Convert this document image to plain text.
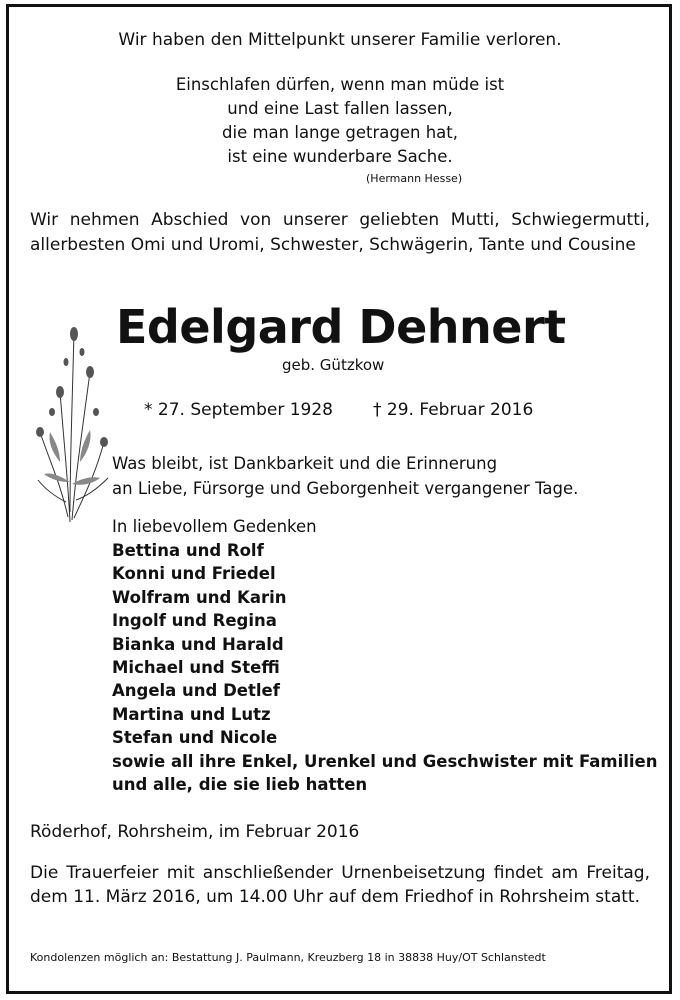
Wir haben den Mittelpunkt unserer Familie verloren.
Einschlafen dürfen, wenn man müde ist
und eine Last fallen lassen,
die man lange getragen hat,
ist eine wunderbare Sache.
(Hermann Hesse)
Wir nehmen Abschied von unserer geliebten Mutti, Schwiegermutti, allerbesten Omi und Uromi, Schwester, Schwägerin, Tante und Cousine
Edelgard Dehnert
geb. Gützkow
* 27. September 1928 † 29. Februar 2016
Was bleibt, ist Dankbarkeit und die Erinnerung
an Liebe, Fürsorge und Geborgenheit vergangener Tage.
In liebevollem Gedenken
Bettina und Rolf
Konni und Friedel
Wolfram und Karin
Ingolf und Regina
Bianka und Harald
Michael und Steffi
Angela und Detlef
Martina und Lutz
Stefan und Nicole
sowie all ihre Enkel, Urenkel und Geschwister mit Familien
und alle, die sie lieb hatten
Röderhof, Rohrsheim, im Februar 2016
Die Trauerfeier mit anschließender Urnenbeisetzung findet am Freitag, dem 11. März 2016, um 14.00 Uhr auf dem Friedhof in Rohrsheim statt.
Kondolenzen möglich an: Bestattung J. Paulmann, Kreuzberg 18 in 38838 Huy/OT Schlanstedt
